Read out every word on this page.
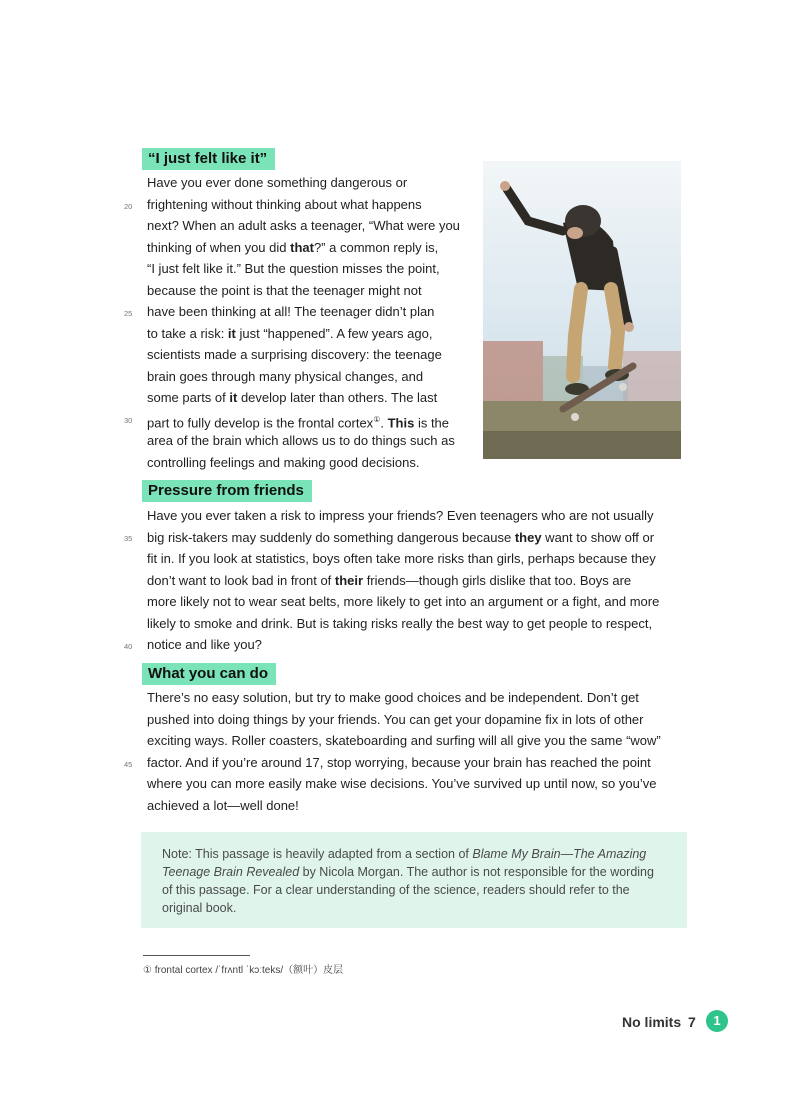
“I just felt like it”
Have you ever done something dangerous or
frightening without thinking about what happens
next? When an adult asks a teenager, “What were you
thinking of when you did that?” a common reply is,
“I just felt like it.” But the question misses the point,
because the point is that the teenager might not
have been thinking at all! The teenager didn’t plan
to take a risk: it just “happened”. A few years ago,
scientists made a surprising discovery: the teenage
brain goes through many physical changes, and
some parts of it develop later than others. The last
part to fully develop is the frontal cortex①. This is the
area of the brain which allows us to do things such as
controlling feelings and making good decisions.
Pressure from friends
Have you ever taken a risk to impress your friends? Even teenagers who are not usually
big risk-takers may suddenly do something dangerous because they want to show off or
fit in. If you look at statistics, boys often take more risks than girls, perhaps because they
don’t want to look bad in front of their friends—though girls dislike that too. Boys are
more likely not to wear seat belts, more likely to get into an argument or a fight, and more
likely to smoke and drink. But is taking risks really the best way to get people to respect,
notice and like you?
What you can do
There’s no easy solution, but try to make good choices and be independent. Don’t get
pushed into doing things by your friends. You can get your dopamine fix in lots of other
exciting ways. Roller coasters, skateboarding and surfing will all give you the same “wow”
factor. And if you’re around 17, stop worrying, because your brain has reached the point
where you can more easily make wise decisions. You’ve survived up until now, so you’ve
achieved a lot—well done!
20
25
30
35
40
45
Note: This passage is heavily adapted from a section of Blame My Brain—The Amazing Teenage Brain Revealed by Nicola Morgan. The author is not responsible for the wording of this passage. For a clear understanding of the science, readers should refer to the original book.
① frontal cortex /ˈfrʌntl ˈkɔːteks/（额叶）皮层
No limits 7	1
